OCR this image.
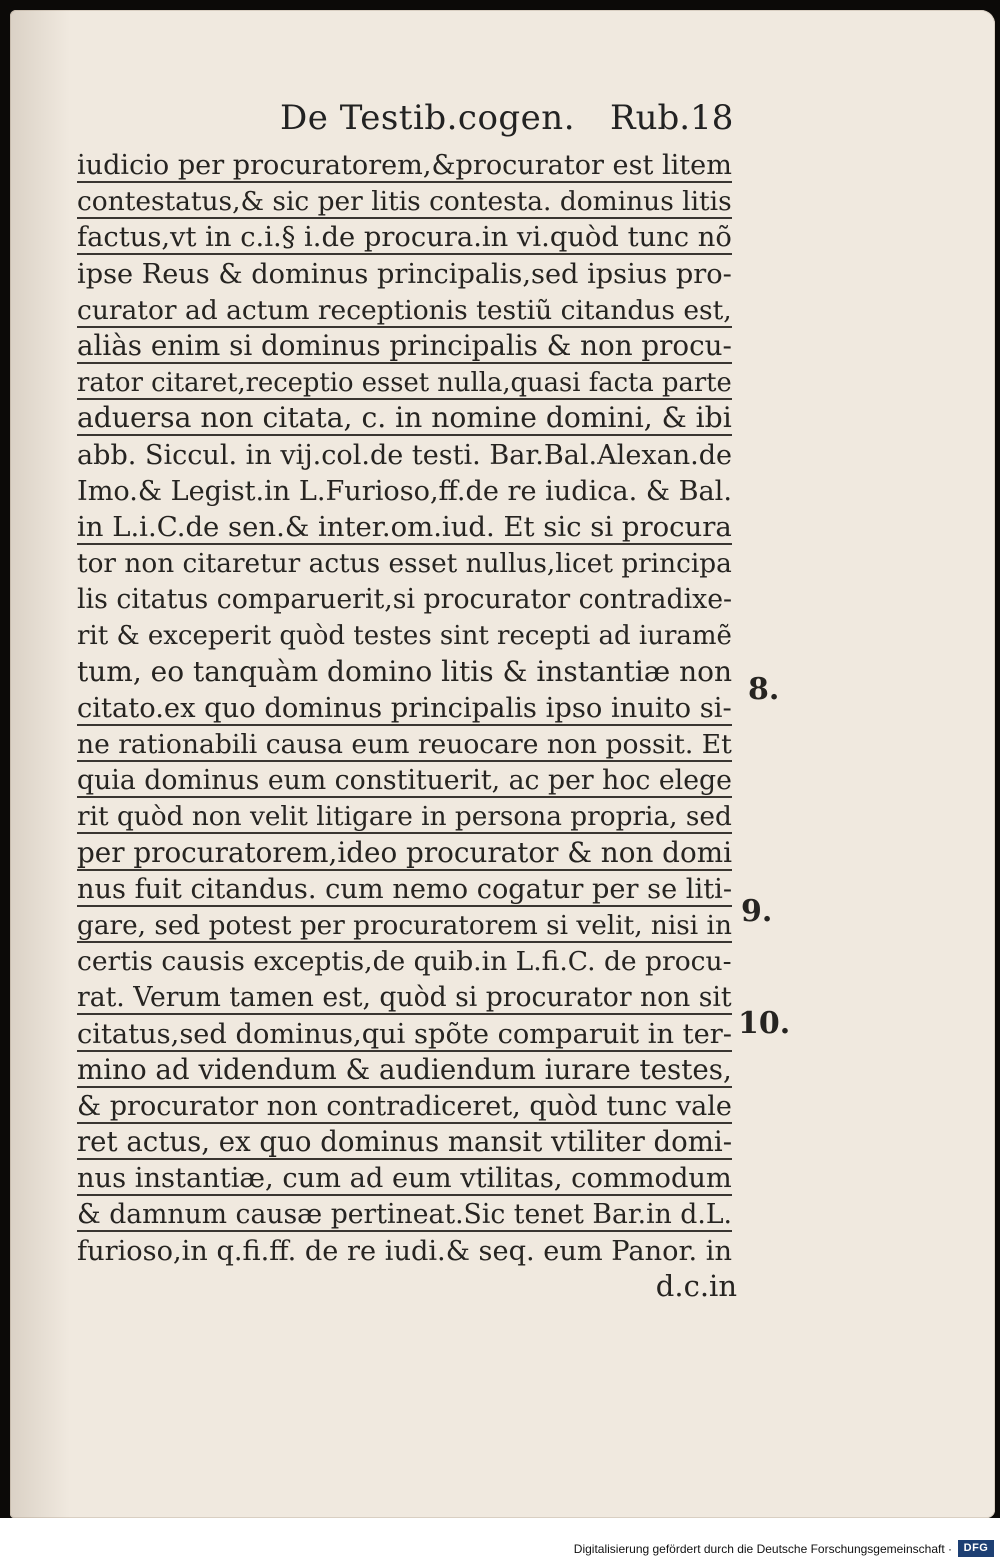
De Testib.cogen. Rub.18
iudicio per procuratorem,&procurator est litem
contestatus,& sic per litis contesta. dominus litis
factus,vt in c.i.§ i.de procura.in vi.quòd tunc nõ
ipse Reus & dominus principalis,sed ipsius pro-
curator ad actum receptionis testiũ citandus est,
aliàs enim si dominus principalis & non procu-
rator citaret,receptio esset nulla,quasi facta parte
aduersa non citata, c. in nomine domini, & ibi
abb. Siccul. in vij.col.de testi. Bar.Bal.Alexan.de
Imo.& Legist.in L.Furioso,ff.de re iudica. & Bal.
in L.i.C.de sen.& inter.om.iud. Et sic si procura
tor non citaretur actus esset nullus,licet principa
lis citatus comparuerit,si procurator contradixe-
rit & exceperit quòd testes sint recepti ad iuramẽ
tum, eo tanquàm domino litis & instantiæ non
citato.ex quo dominus principalis ipso inuito si-
ne rationabili causa eum reuocare non possit. Et
quia dominus eum constituerit, ac per hoc elege
rit quòd non velit litigare in persona propria, sed
per procuratorem,ideo procurator & non domi
nus fuit citandus. cum nemo cogatur per se liti-
gare, sed potest per procuratorem si velit, nisi in
certis causis exceptis,de quib.in L.fi.C. de procu-
rat. Verum tamen est, quòd si procurator non sit
citatus,sed dominus,qui spõte comparuit in ter-
mino ad videndum & audiendum iurare testes,
& procurator non contradiceret, quòd tunc vale
ret actus, ex quo dominus mansit vtiliter domi-
nus instantiæ, cum ad eum vtilitas, commodum
& damnum causæ pertineat.Sic tenet Bar.in d.L.
furioso,in q.fi.ff. de re iudi.& seq. eum Panor. in
d.c.in
8.
9.
10.
Digitalisierung gefördert durch die Deutsche Forschungsgemeinschaft ·	DFG
